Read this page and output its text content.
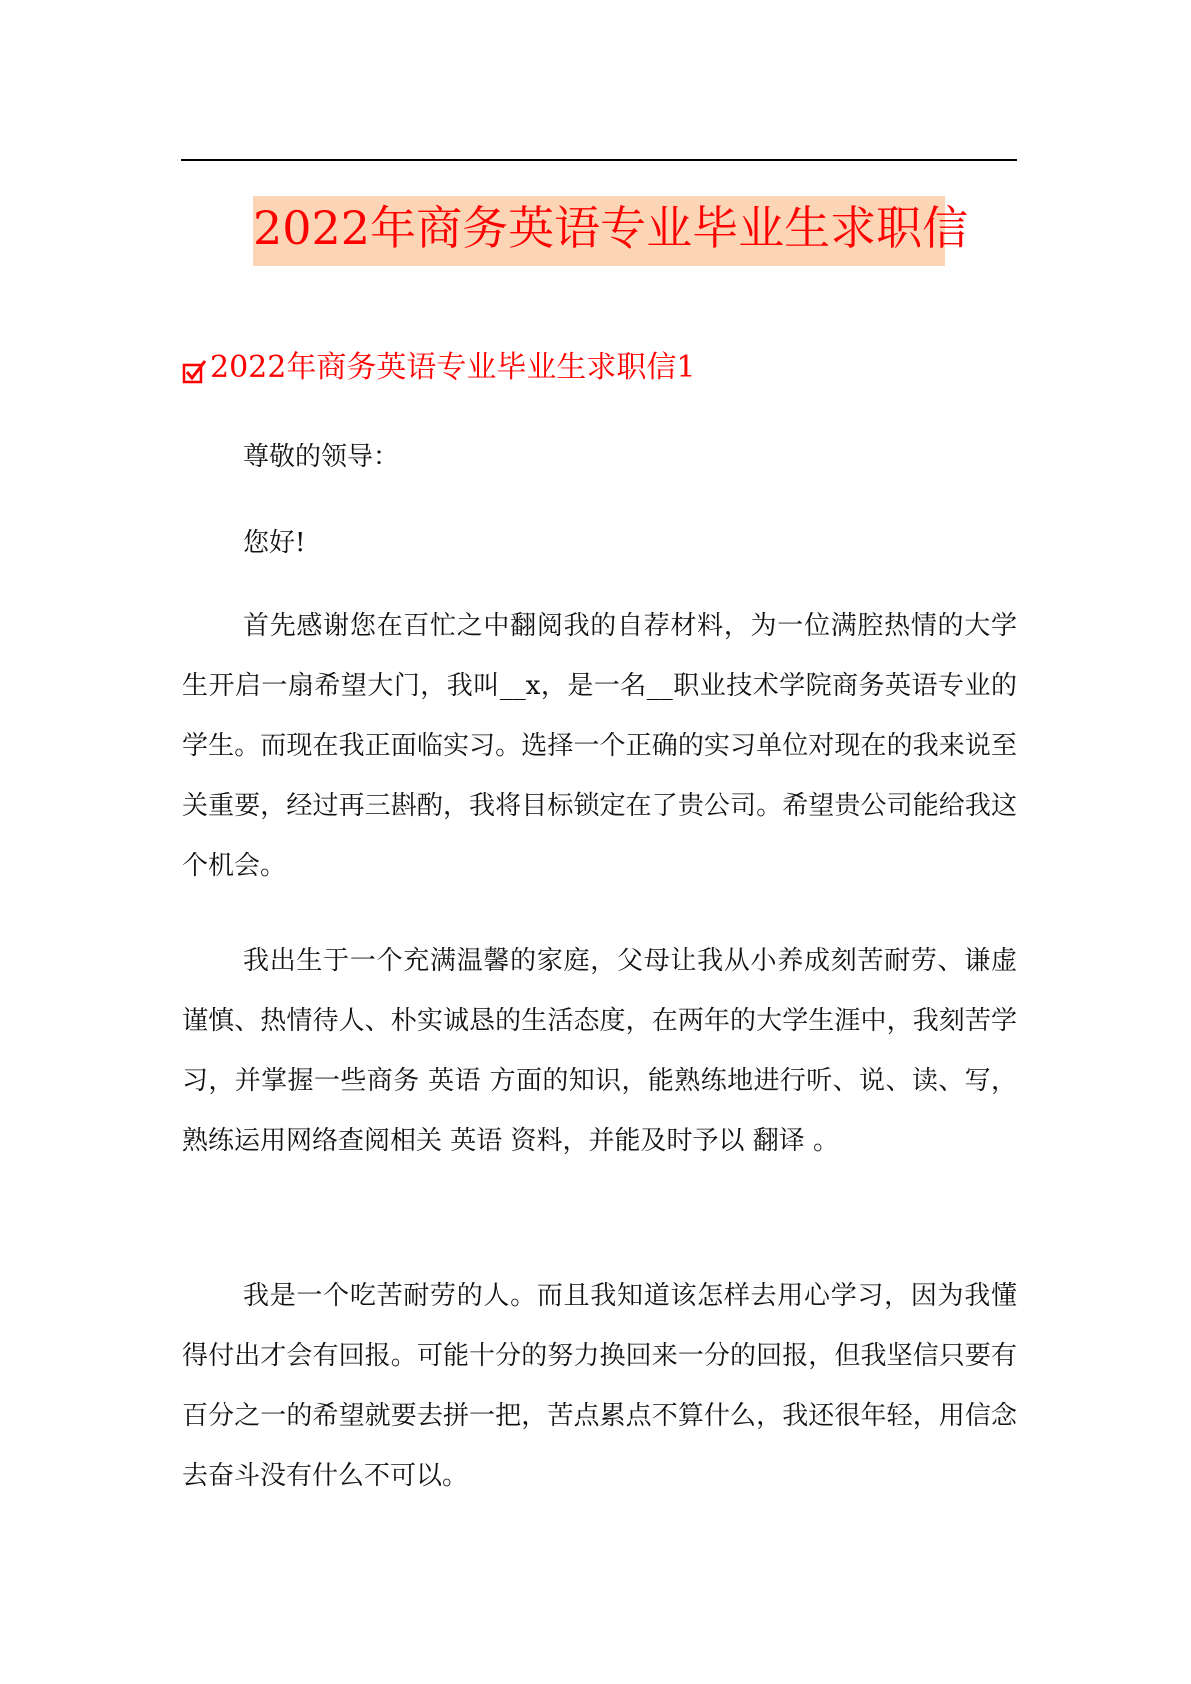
2022年商务英语专业毕业生求职信
2022年商务英语专业毕业生求职信1
尊敬的领导：
您好!

首先感谢您在百忙之中翻阅我的自荐材料，为一位满腔热情的大学生开启一扇希望大门，我叫__x，是一名__职业技术学院商务英语专业的学生。而现在我正面临实习。选择一个正确的实习单位对现在的我来说至关重要，经过再三斟酌，我将目标锁定在了贵公司。希望贵公司能给我这个机会。

我出生于一个充满温馨的家庭，父母让我从小养成刻苦耐劳、谦虚谨慎、热情待人、朴实诚恳的生活态度，在两年的大学生涯中，我刻苦学习，并掌握一些商务 英语 方面的知识，能熟练地进行听、说、读、写，熟练运用网络查阅相关 英语 资料，并能及时予以 翻译 。

我是一个吃苦耐劳的人。而且我知道该怎样去用心学习，因为我懂得付出才会有回报。可能十分的努力换回来一分的回报，但我坚信只要有百分之一的希望就要去拼一把，苦点累点不算什么，我还很年轻，用信念去奋斗没有什么不可以。
